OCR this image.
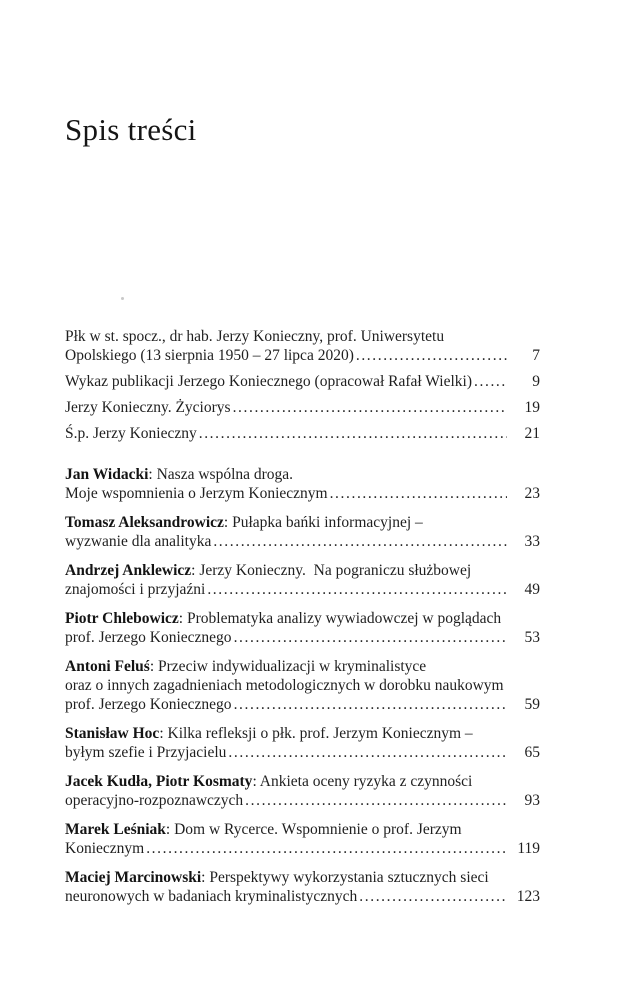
Spis treści
Płk w st. spocz., dr hab. Jerzy Konieczny, prof. Uniwersytetu
Opolskiego (13 sierpnia 1950 – 27 lipca 2020) .....	7
Wykaz publikacji Jerzego Koniecznego (opracował Rafał Wielki) .....	9
Jerzy Konieczny. Życiorys .....	19
Ś.p. Jerzy Konieczny .....	21
Jan Widacki: Nasza wspólna droga.
Moje wspomnienia o Jerzym Koniecznym .....	23
Tomasz Aleksandrowicz: Pułapka bańki informacyjnej –
wyzwanie dla analityka .....	33
Andrzej Anklewicz: Jerzy Konieczny.  Na pograniczu służbowej
znajomości i przyjaźni .....	49
Piotr Chlebowicz: Problematyka analizy wywiadowczej w poglądach
prof. Jerzego Koniecznego .....	53
Antoni Feluś: Przeciw indywidualizacji w kryminalistyce
oraz o innych zagadnieniach metodologicznych w dorobku naukowym
prof. Jerzego Koniecznego .....	59
Stanisław Hoc: Kilka refleksji o płk. prof. Jerzym Koniecznym –
byłym szefie i Przyjacielu .....	65
Jacek Kudła, Piotr Kosmaty: Ankieta oceny ryzyka z czynności
operacyjno-rozpoznawczych .....	93
Marek Leśniak: Dom w Rycerce. Wspomnienie o prof. Jerzym
Koniecznym .....	119
Maciej Marcinowski: Perspektywy wykorzystania sztucznych sieci
neuronowych w badaniach kryminalistycznych .....	123
